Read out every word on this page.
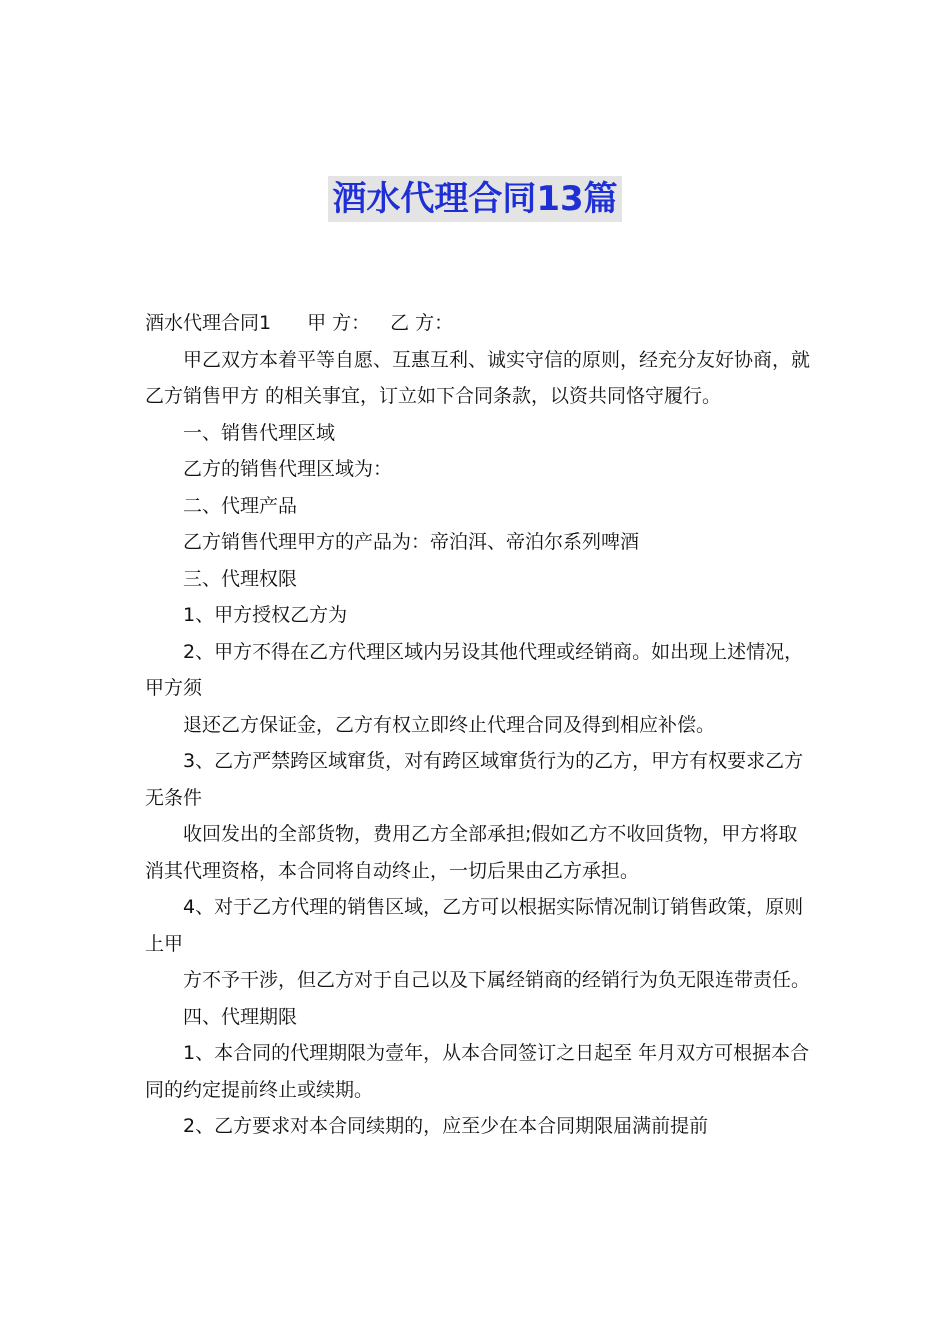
酒水代理合同13篇

酒水代理合同1 甲 方： 乙 方：

甲乙双方本着平等自愿、互惠互利、诚实守信的原则，经充分友好协商，就乙方销售甲方 的相关事宜，订立如下合同条款，以资共同恪守履行。

一、销售代理区域

乙方的销售代理区域为：

二、代理产品

乙方销售代理甲方的产品为：帝泊洱、帝泊尔系列啤酒

三、代理权限

1、甲方授权乙方为

2、甲方不得在乙方代理区域内另设其他代理或经销商。如出现上述情况，甲方须

退还乙方保证金，乙方有权立即终止代理合同及得到相应补偿。

3、乙方严禁跨区域窜货，对有跨区域窜货行为的乙方，甲方有权要求乙方无条件

收回发出的全部货物，费用乙方全部承担;假如乙方不收回货物，甲方将取消其代理资格，本合同将自动终止，一切后果由乙方承担。

4、对于乙方代理的销售区域，乙方可以根据实际情况制订销售政策，原则上甲

方不予干涉，但乙方对于自己以及下属经销商的经销行为负无限连带责任。

四、代理期限

1、本合同的代理期限为壹年，从本合同签订之日起至 年月双方可根据本合同的约定提前终止或续期。

2、乙方要求对本合同续期的，应至少在本合同期限届满前提前
